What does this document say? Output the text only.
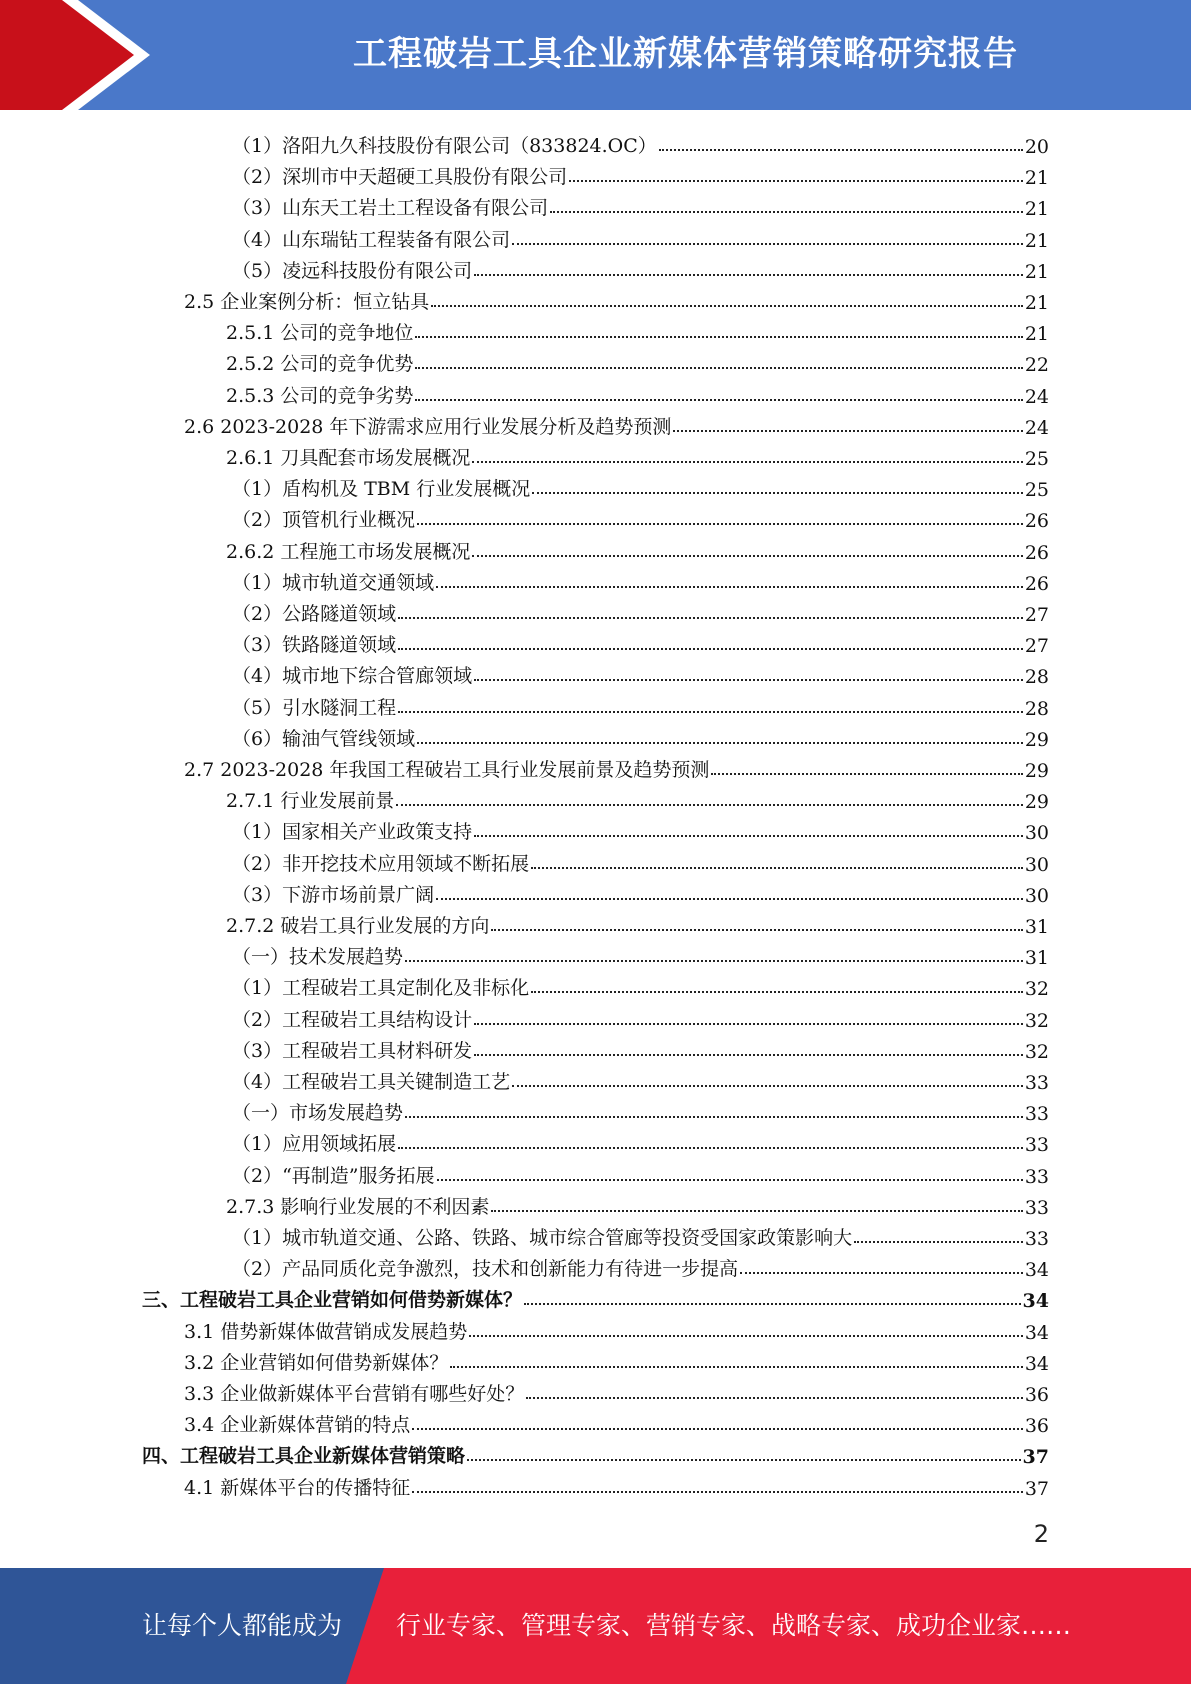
工程破岩工具企业新媒体营销策略研究报告
（1）洛阳九久科技股份有限公司（833824.OC）	20
（2）深圳市中天超硬工具股份有限公司	21
（3）山东天工岩土工程设备有限公司	21
（4）山东瑞钻工程装备有限公司	21
（5）凌远科技股份有限公司	21
2.5 企业案例分析：恒立钻具	21
2.5.1 公司的竞争地位	21
2.5.2 公司的竞争优势	22
2.5.3 公司的竞争劣势	24
2.6 2023-2028 年下游需求应用行业发展分析及趋势预测	24
2.6.1 刀具配套市场发展概况	25
（1）盾构机及 TBM 行业发展概况	25
（2）顶管机行业概况	26
2.6.2 工程施工市场发展概况	26
（1）城市轨道交通领域	26
（2）公路隧道领域	27
（3）铁路隧道领域	27
（4）城市地下综合管廊领域	28
（5）引水隧洞工程	28
（6）输油气管线领域	29
2.7 2023-2028 年我国工程破岩工具行业发展前景及趋势预测	29
2.7.1 行业发展前景	29
（1）国家相关产业政策支持	30
（2）非开挖技术应用领域不断拓展	30
（3）下游市场前景广阔	30
2.7.2 破岩工具行业发展的方向	31
（一）技术发展趋势	31
（1）工程破岩工具定制化及非标化	32
（2）工程破岩工具结构设计	32
（3）工程破岩工具材料研发	32
（4）工程破岩工具关键制造工艺	33
（一）市场发展趋势	33
（1）应用领域拓展	33
（2）“再制造”服务拓展	33
2.7.3 影响行业发展的不利因素	33
（1）城市轨道交通、公路、铁路、城市综合管廊等投资受国家政策影响大	33
（2）产品同质化竞争激烈，技术和创新能力有待进一步提高	34
三、工程破岩工具企业营销如何借势新媒体？	34
3.1 借势新媒体做营销成发展趋势	34
3.2 企业营销如何借势新媒体？	34
3.3 企业做新媒体平台营销有哪些好处？	36
3.4 企业新媒体营销的特点	36
四、工程破岩工具企业新媒体营销策略	37
4.1 新媒体平台的传播特征	37
2
让每个人都能成为 行业专家、管理专家、营销专家、战略专家、成功企业家……
